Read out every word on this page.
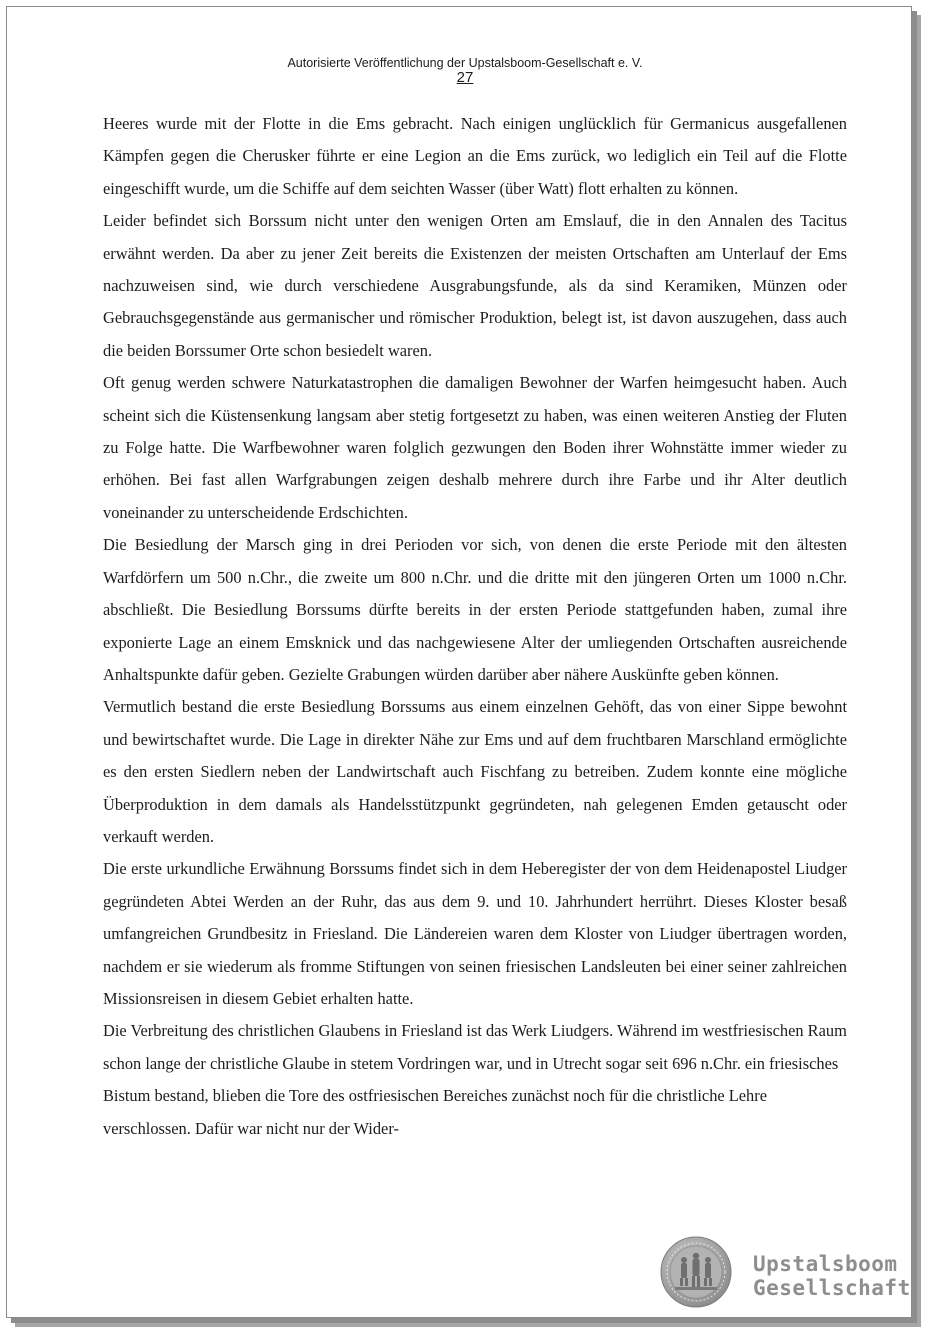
Autorisierte Veröffentlichung der Upstalsboom-Gesellschaft e. V.
27

Heeres wurde mit der Flotte in die Ems gebracht. Nach einigen unglücklich für Germanicus ausgefallenen Kämpfen gegen die Cherusker führte er eine Legion an die Ems zurück, wo lediglich ein Teil auf die Flotte eingeschifft wurde, um die Schiffe auf dem seichten Wasser (über Watt) flott erhalten zu können.

Leider befindet sich Borssum nicht unter den wenigen Orten am Emslauf, die in den Annalen des Tacitus erwähnt werden. Da aber zu jener Zeit bereits die Existenzen der meisten Ortschaften am Unterlauf der Ems nachzuweisen sind, wie durch verschiedene Ausgrabungsfunde, als da sind Keramiken, Münzen oder Gebrauchsgegenstände aus germanischer und römischer Produktion, belegt ist, ist davon auszugehen, dass auch die beiden Borssumer Orte schon besiedelt waren.

Oft genug werden schwere Naturkatastrophen die damaligen Bewohner der Warfen heimgesucht haben. Auch scheint sich die Küstensenkung langsam aber stetig fortgesetzt zu haben, was einen weiteren Anstieg der Fluten zu Folge hatte. Die Warfbewohner waren folglich gezwungen den Boden ihrer Wohnstätte immer wieder zu erhöhen. Bei fast allen Warfgrabungen zeigen deshalb mehrere durch ihre Farbe und ihr Alter deutlich voneinander zu unterscheidende Erdschichten.

Die Besiedlung der Marsch ging in drei Perioden vor sich, von denen die erste Periode mit den ältesten Warfdörfern um 500 n.Chr., die zweite um 800 n.Chr. und die dritte mit den jüngeren Orten um 1000 n.Chr. abschließt. Die Besiedlung Borssums dürfte bereits in der ersten Periode stattgefunden haben, zumal ihre exponierte Lage an einem Emsknick und das nachgewiesene Alter der umliegenden Ortschaften ausreichende Anhaltspunkte dafür geben. Gezielte Grabungen würden darüber aber nähere Auskünfte geben können.

Vermutlich bestand die erste Besiedlung Borssums aus einem einzelnen Gehöft, das von einer Sippe bewohnt und bewirtschaftet wurde. Die Lage in direkter Nähe zur Ems und auf dem fruchtbaren Marschland ermöglichte es den ersten Siedlern neben der Landwirtschaft auch Fischfang zu betreiben. Zudem konnte eine mögliche Überproduktion in dem damals als Handelsstützpunkt gegründeten, nah gelegenen Emden getauscht oder verkauft werden.

Die erste urkundliche Erwähnung Borssums findet sich in dem Heberegister der von dem Heidenapostel Liudger gegründeten Abtei Werden an der Ruhr, das aus dem 9. und 10. Jahrhundert herrührt. Dieses Kloster besaß umfangreichen Grundbesitz in Friesland. Die Ländereien waren dem Kloster von Liudger übertragen worden, nachdem er sie wiederum als fromme Stiftungen von seinen friesischen Landsleuten bei einer seiner zahlreichen Missionsreisen in diesem Gebiet erhalten hatte.

Die Verbreitung des christlichen Glaubens in Friesland ist das Werk Liudgers. Während im westfriesischen Raum schon lange der christliche Glaube in stetem Vordringen war, und in Utrecht sogar seit 696 n.Chr. ein friesisches Bistum bestand, blieben die Tore des ostfriesischen Bereiches zunächst noch für die christliche Lehre verschlossen. Dafür war nicht nur der Wider-

Upstalsboom
Gesellschaft
